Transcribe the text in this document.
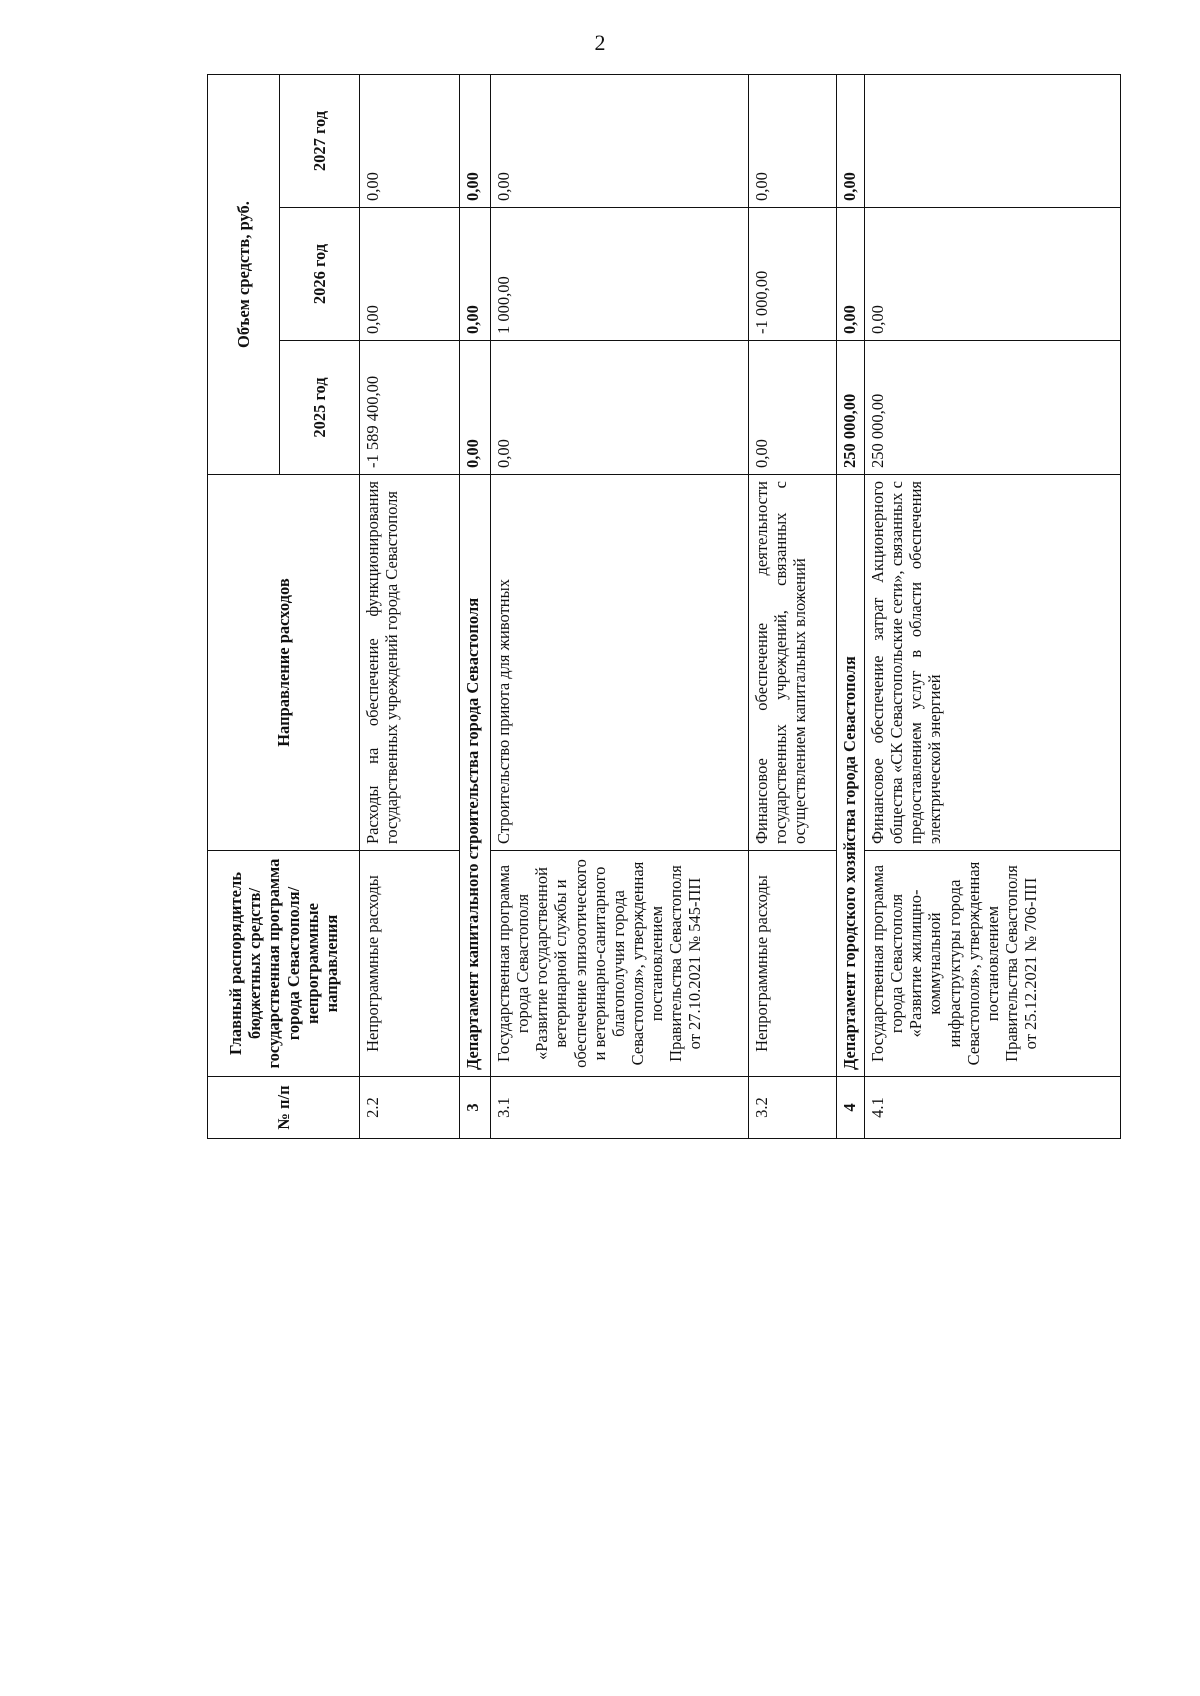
2
№ п/п	Главный распорядитель бюджетных средств/государственная программа города Севастополя/непрограммные направления	Направление расходов	Объем средств, руб.		
			2025 год	2026 год	2027 год
2.2	Непрограммные расходы	Расходы на обеспечение функционирования государственных учреждений города Севастополя	-1 589 400,00	0,00	0,00
3	Департамент капитального строительства города Севастополя		0,00	0,00	0,00
3.1	Государственная программа города Севастополя «Развитие государственной ветеринарной службы и обеспечение эпизоотического и ветеринарно-санитарного благополучия города Севастополя», утвержденная постановлением Правительства Севастополя от 27.10.2021 № 545-ПП	Строительство приюта для животных	0,00	1 000,00	0,00
3.2	Непрограммные расходы	Финансовое обеспечение деятельности государственных учреждений, связанных с осуществлением капитальных вложений	0,00	-1 000,00	0,00
4	Департамент городского хозяйства города Севастополя		250 000,00	0,00	0,00
4.1	Государственная программа города Севастополя «Развитие жилищно-коммунальной инфраструктуры города Севастополя», утвержденная постановлением Правительства Севастополя от 25.12.2021 № 706-ПП	Финансовое обеспечение затрат Акционерного общества «СК Севастопольские сети», связанных с предоставлением услуг в области обеспечения электрической энергией	250 000,00	0,00	
